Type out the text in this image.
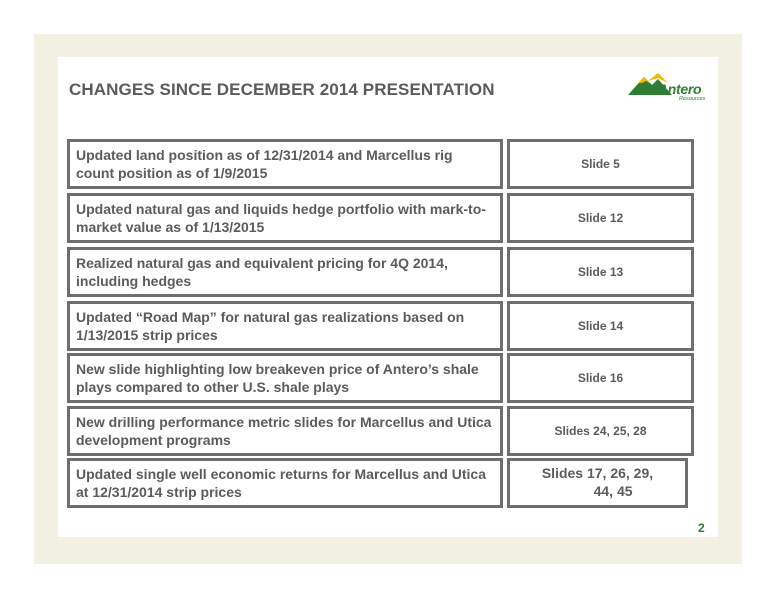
CHANGES SINCE DECEMBER 2014 PRESENTATION	Antero
Resources
Updated land position as of 12/31/2014 and Marcellus rig count position as of 1/9/2015
Slide 5
Updated natural gas and liquids hedge portfolio with mark-to-market value as of 1/13/2015
Slide 12
Realized natural gas and equivalent pricing for 4Q 2014, including hedges
Slide 13
Updated “Road Map” for natural gas realizations based on 1/13/2015 strip prices
Slide 14
New slide highlighting low breakeven price of Antero’s shale plays compared to other U.S. shale plays
Slide 16
New drilling performance metric slides for Marcellus and Utica development programs
Slides 24, 25, 28
Updated single well economic returns for Marcellus and Utica at 12/31/2014 strip prices
Slides 17, 26, 29,
44, 45
2
